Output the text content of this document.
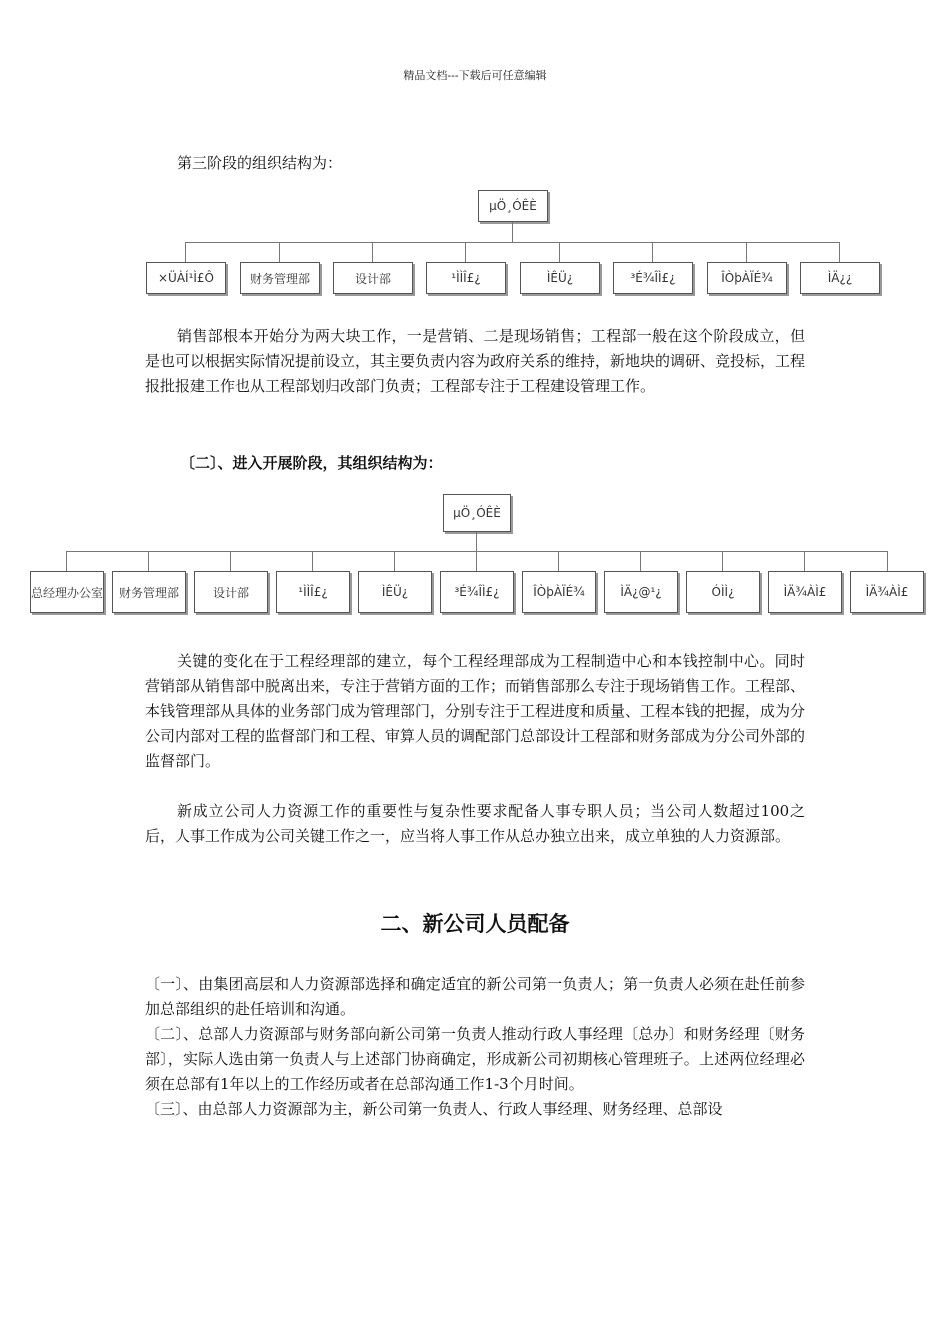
精品文档---下载后可任意编辑

第三阶段的组织结构为：

µÖ¸ÓÊÈ
×ÜÀÍ¹Ì£Ô	财务管理部	设计部	¹ÌÌÎ£¿	ÌÊÜ¿	³É¾ÎÌ£¿	ÎÒþÀÏÉ¾	ÌÄ¿¿

销售部根本开始分为两大块工作，一是营销、二是现场销售；工程部一般在这个阶段成立，但是也可以根据实际情况提前设立，其主要负责内容为政府关系的维持，新地块的调研、竞投标，工程报批报建工作也从工程部划归改部门负责；工程部专注于工程建设管理工作。

〔二〕、进入开展阶段，其组织结构为：

µÖ¸ÓÊÈ
总经理办公室	财务管理部	设计部	¹ÌÌÎ£¿	ÌÊÜ¿	³É¾ÎÌ£¿	ÎÒþÀÏÉ¾	ÌÄ¿@¹¿	ÓÌÌ¿	ÌÄ¾ÀÌ£	ÌÄ¾ÀÌ£

关键的变化在于工程经理部的建立，每个工程经理部成为工程制造中心和本钱控制中心。同时营销部从销售部中脱离出来，专注于营销方面的工作；而销售部那么专注于现场销售工作。工程部、本钱管理部从具体的业务部门成为管理部门，分别专注于工程进度和质量、工程本钱的把握，成为分公司内部对工程的监督部门和工程、审算人员的调配部门总部设计工程部和财务部成为分公司外部的监督部门。

新成立公司人力资源工作的重要性与复杂性要求配备人事专职人员；当公司人数超过100之后，人事工作成为公司关键工作之一，应当将人事工作从总办独立出来，成立单独的人力资源部。

二、新公司人员配备

〔一〕、由集团高层和人力资源部选择和确定适宜的新公司第一负责人；第一负责人必须在赴任前参加总部组织的赴任培训和沟通。

〔二〕、总部人力资源部与财务部向新公司第一负责人推动行政人事经理〔总办〕和财务经理〔财务部〕，实际人选由第一负责人与上述部门协商确定，形成新公司初期核心管理班子。上述两位经理必须在总部有1年以上的工作经历或者在总部沟通工作1-3个月时间。

〔三〕、由总部人力资源部为主，新公司第一负责人、行政人事经理、财务经理、总部设
